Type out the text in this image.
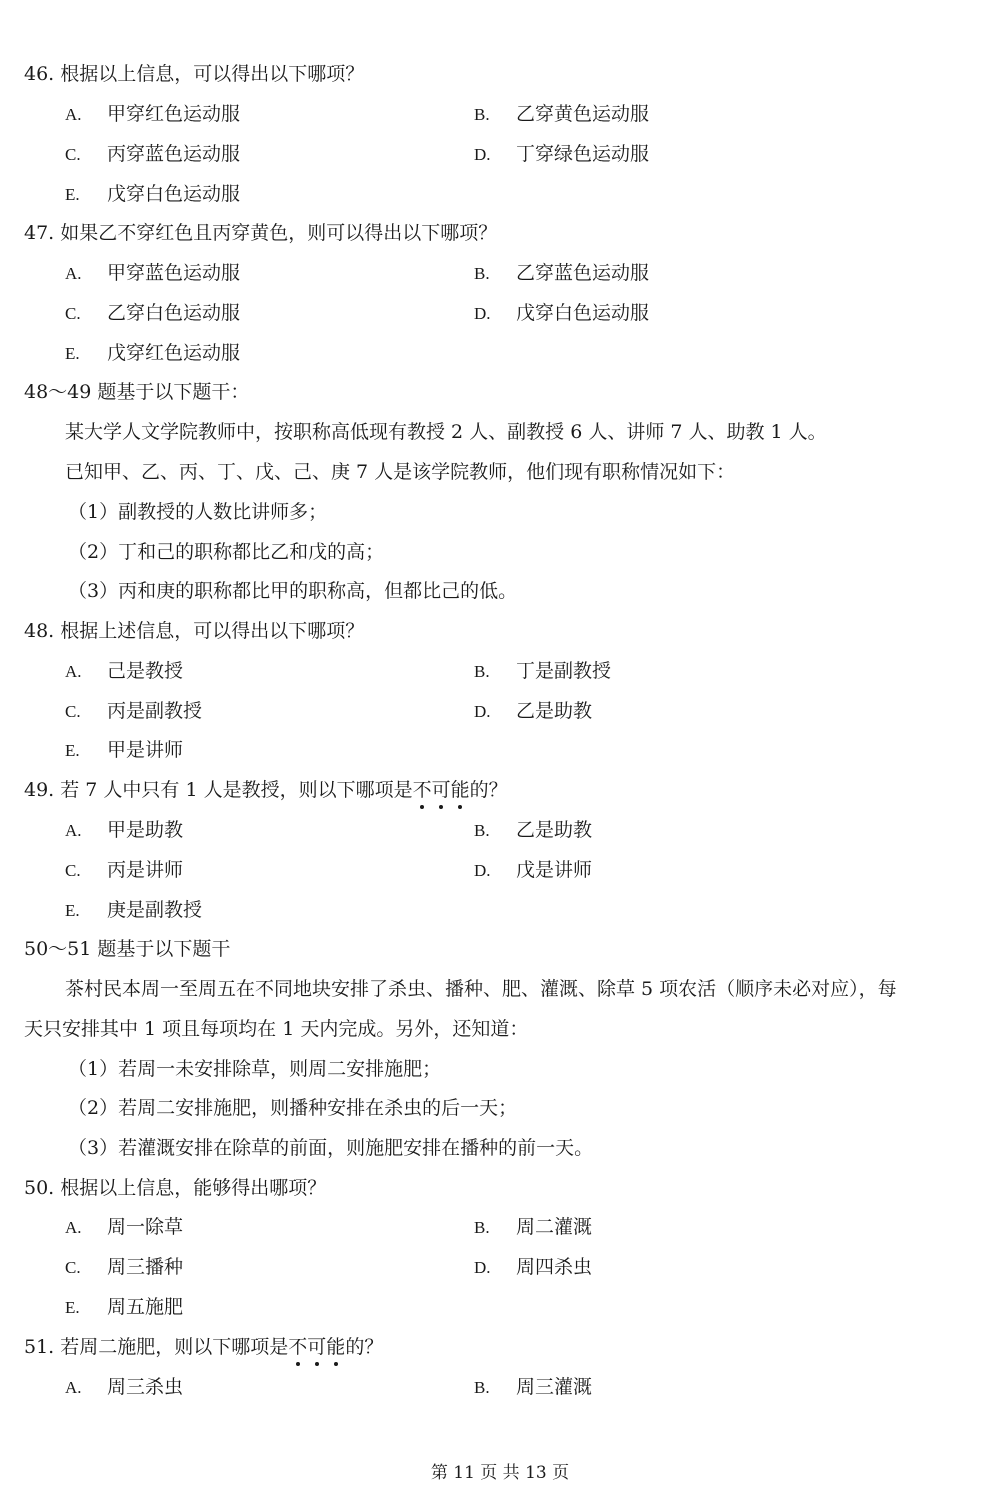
46. 根据以上信息，可以得出以下哪项？
A. 甲穿红色运动服	B. 乙穿黄色运动服
C. 丙穿蓝色运动服	D. 丁穿绿色运动服
E. 戊穿白色运动服
47. 如果乙不穿红色且丙穿黄色，则可以得出以下哪项？
A. 甲穿蓝色运动服	B. 乙穿蓝色运动服
C. 乙穿白色运动服	D. 戊穿白色运动服
E. 戊穿红色运动服
48～49 题基于以下题干：
某大学人文学院教师中，按职称高低现有教授 2 人、副教授 6 人、讲师 7 人、助教 1 人。
已知甲、乙、丙、丁、戊、己、庚 7 人是该学院教师，他们现有职称情况如下：
（1）副教授的人数比讲师多；
（2）丁和己的职称都比乙和戊的高；
（3）丙和庚的职称都比甲的职称高，但都比己的低。
48. 根据上述信息，可以得出以下哪项？
A. 己是教授	B. 丁是副教授
C. 丙是副教授	D. 乙是助教
E. 甲是讲师
49. 若 7 人中只有 1 人是教授，则以下哪项是不可能的？
A. 甲是助教	B. 乙是助教
C. 丙是讲师	D. 戊是讲师
E. 庚是副教授
50～51 题基于以下题干
茶村民本周一至周五在不同地块安排了杀虫、播种、肥、灌溉、除草 5 项农活（顺序未必对应），每
天只安排其中 1 项且每项均在 1 天内完成。另外，还知道：
（1）若周一未安排除草，则周二安排施肥；
（2）若周二安排施肥，则播种安排在杀虫的后一天；
（3）若灌溉安排在除草的前面，则施肥安排在播种的前一天。
50. 根据以上信息，能够得出哪项？
A. 周一除草	B. 周二灌溉
C. 周三播种	D. 周四杀虫
E. 周五施肥
51. 若周二施肥，则以下哪项是不可能的？
A. 周三杀虫	B. 周三灌溉
第 11 页 共 13 页
